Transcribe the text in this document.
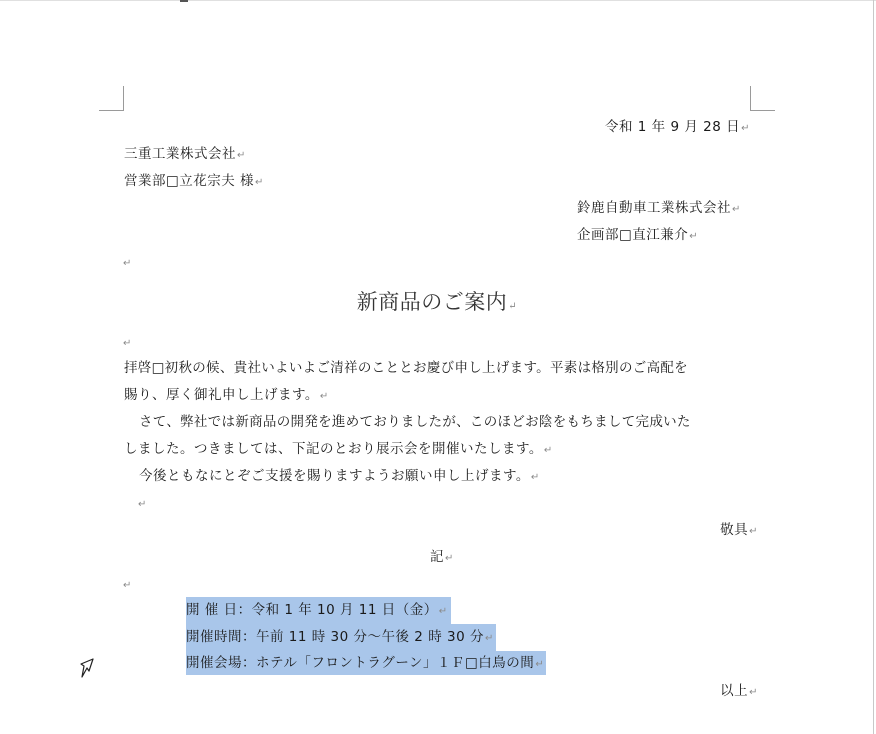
令和 1 年 9 月 28 日↵
三重工業株式会社↵
営業部□立花宗夫 様↵
鈴鹿自動車工業株式会社↵
企画部□直江兼介↵
↵
新商品のご案内↵
↵
拝啓□初秋の候、貴社いよいよご清祥のこととお慶び申し上げます。平素は格別のご高配を
賜り、厚く御礼申し上げます。↵
さて、弊社では新商品の開発を進めておりましたが、このほどお陰をもちまして完成いた
しました。つきましては、下記のとおり展示会を開催いたします。↵
今後ともなにとぞご支援を賜りますようお願い申し上げます。↵
↵
敬具↵
記↵
↵
開 催 日：令和 1 年 10 月 11 日（金）↵
開催時間：午前 11 時 30 分～午後 2 時 30 分↵
開催会場：ホテル「フロントラグーン」１Ｆ□白鳥の間↵
以上↵
